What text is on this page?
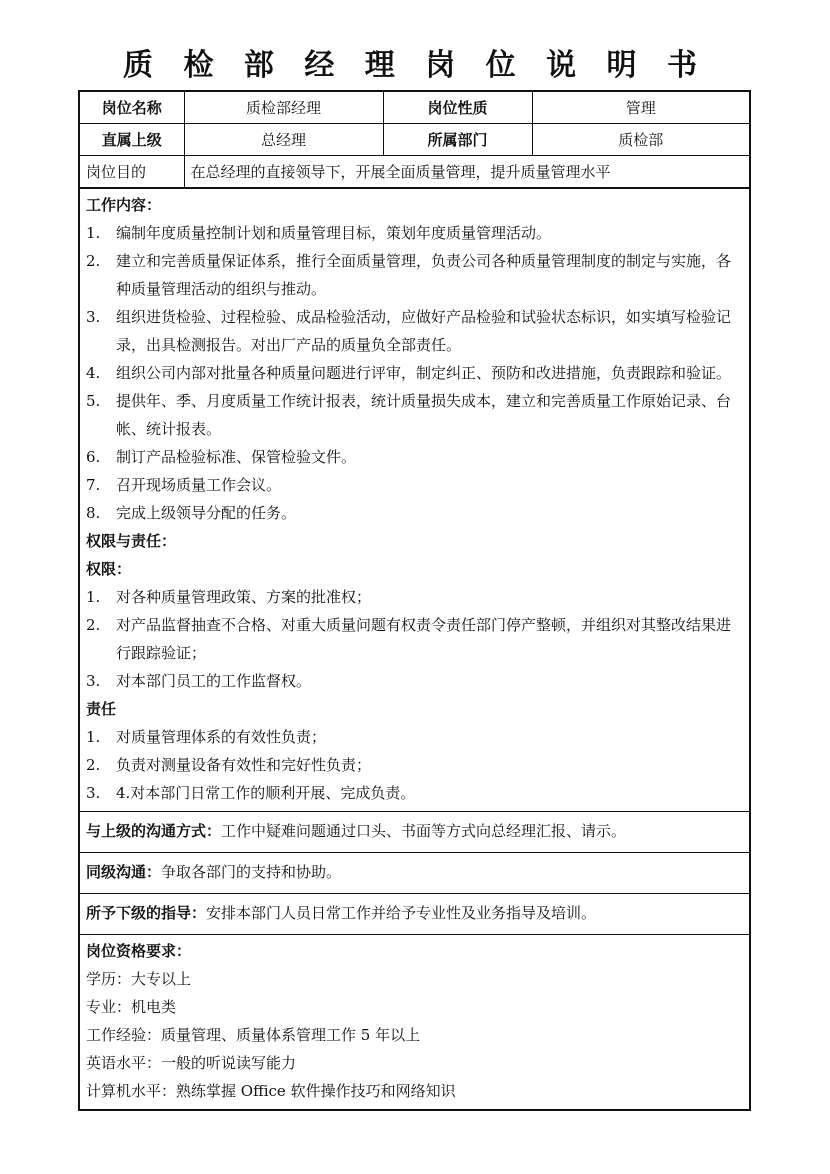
质 检 部 经 理 岗 位 说 明 书
岗位名称	质检部经理	岗位性质	管理
直属上级	总经理	所属部门	质检部
岗位目的	在总经理的直接领导下，开展全面质量管理，提升质量管理水平		
工作内容：
1.	编制年度质量控制计划和质量管理目标，策划年度质量管理活动。
2.	建立和完善质量保证体系，推行全面质量管理，负责公司各种质量管理制度的制定与实施，各种质量管理活动的组织与推动。
3.	组织进货检验、过程检验、成品检验活动，应做好产品检验和试验状态标识，如实填写检验记录，出具检测报告。对出厂产品的质量负全部责任。
4.	组织公司内部对批量各种质量问题进行评审，制定纠正、预防和改进措施，负责跟踪和验证。
5.	提供年、季、月度质量工作统计报表，统计质量损失成本，建立和完善质量工作原始记录、台帐、统计报表。
6.	制订产品检验标准、保管检验文件。
7.	召开现场质量工作会议。
8.	完成上级领导分配的任务。
权限与责任：
权限：
1.	对各种质量管理政策、方案的批准权；
2.	对产品监督抽查不合格、对重大质量问题有权责令责任部门停产整顿，并组织对其整改结果进行跟踪验证；
3.	对本部门员工的工作监督权。
责任
1.	对质量管理体系的有效性负责；
2.	负责对测量设备有效性和完好性负责；
3.	4.对本部门日常工作的顺利开展、完成负责。
与上级的沟通方式：工作中疑难问题通过口头、书面等方式向总经理汇报、请示。
同级沟通：争取各部门的支持和协助。
所予下级的指导：安排本部门人员日常工作并给予专业性及业务指导及培训。
岗位资格要求：
学历：大专以上
专业：机电类
工作经验：质量管理、质量体系管理工作 5 年以上
英语水平：一般的听说读写能力
计算机水平：熟练掌握 Office 软件操作技巧和网络知识
